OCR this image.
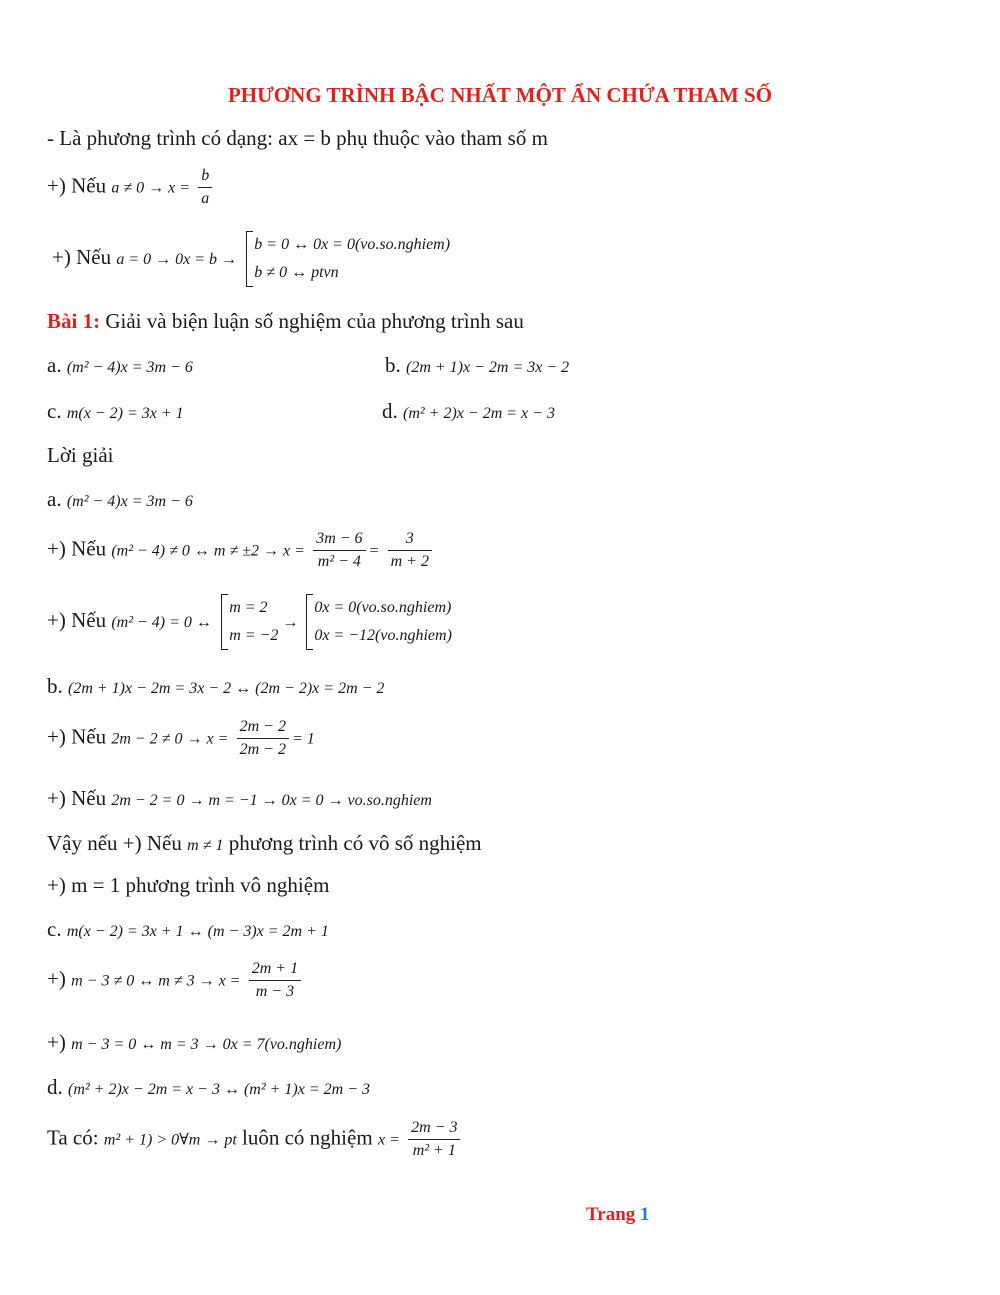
PHƯƠNG TRÌNH BẬC NHẤT MỘT ẨN CHỨA THAM SỐ
- Là phương trình có dạng: ax = b phụ thuộc vào tham số m
+) Nếu $a \ne 0 \to x = \frac{b}{a}$
+) Nếu a = 0 → 0x = b →
b = 0 ↔ 0x = 0(vo.so.nghiem)
b ≠ 0 ↔ ptvn
Bài 1: Giải và biện luận số nghiệm của phương trình sau
a. (m² − 4)x = 3m − 6	b. (2m + 1)x − 2m = 3x − 2
c. m(x − 2) = 3x + 1	d. (m² + 2)x − 2m = x − 3
Lời giải
a. (m² − 4)x = 3m − 6
+) Nếu (m² − 4) ≠ 0 ↔ $m \ne \pm 2 \to x = \frac{3m - 6}{\text{m² − 4}} = \frac{3}{m + 2}$
+) Nếu (m² − 4) = 0 ↔
m = 2
m = −2
→
0x = 0(vo.so.nghiem)
0x = −12(vo.nghiem)
b. (2m + 1)x − 2m = 3x − 2 ↔ (2m − 2)x = 2m − 2
+) Nếu $2m - 2 \ne 0 \to x = \frac{2m - 2}{2m - 2} = 1$
+) Nếu 2m − 2 = 0 → m = −1 → 0x = 0 → vo.so.nghiem
Vậy nếu +) Nếu m ≠ 1 phương trình có vô số nghiệm
+) m = 1 phương trình vô nghiệm
c. m(x − 2) = 3x + 1 ↔ (m − 3)x = 2m + 1
+) m − 3 ≠ 0 ↔ $m \ne 3 \to x = \frac{2m + 1}{m - 3}$
+) m − 3 = 0 ↔ m = 3 → 0x = 7(vo.nghiem)
d. (m² + 2)x − 2m = x − 3 ↔ (m² + 1)x = 2m − 3
Ta có: m² + 1) > 0∀m → pt luôn có nghiệm $x = \frac{2m - 3}{\text{m² + 1}}$
Trang 1
